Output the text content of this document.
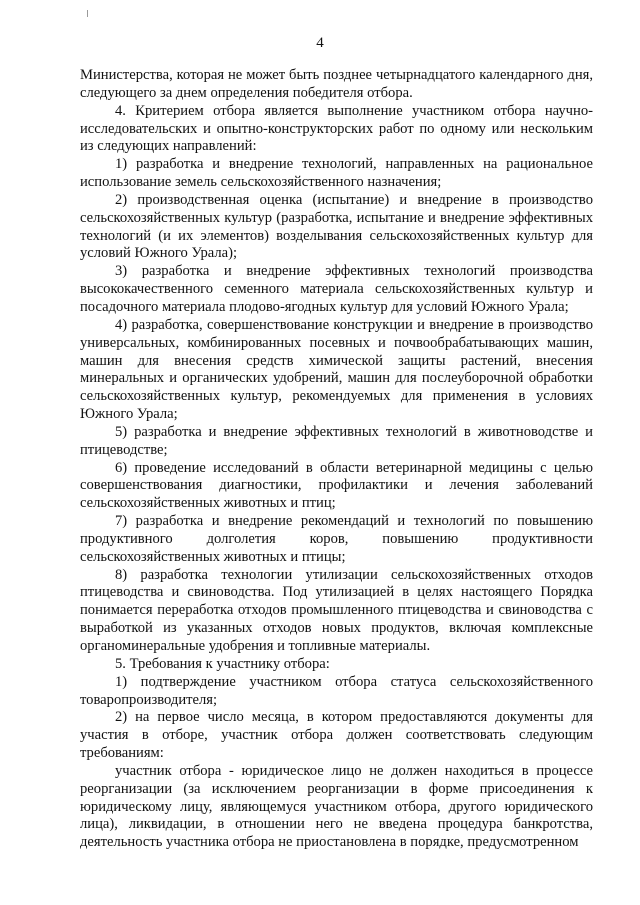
4

Министерства, которая не может быть позднее четырнадцатого календарного дня, следующего за днем определения победителя отбора.

4. Критерием отбора является выполнение участником отбора научно-исследовательских и опытно-конструкторских работ по одному или нескольким из следующих направлений:

1) разработка и внедрение технологий, направленных на рациональное использование земель сельскохозяйственного назначения;

2) производственная оценка (испытание) и внедрение в производство сельскохозяйственных культур (разработка, испытание и внедрение эффективных технологий (и их элементов) возделывания сельскохозяйственных культур для условий Южного Урала);

3) разработка и внедрение эффективных технологий производства высококачественного семенного материала сельскохозяйственных культур и посадочного материала плодово-ягодных культур для условий Южного Урала;

4) разработка, совершенствование конструкции и внедрение в производство универсальных, комбинированных посевных и почвообрабатывающих машин, машин для внесения средств химической защиты растений, внесения минеральных и органических удобрений, машин для послеуборочной обработки сельскохозяйственных культур, рекомендуемых для применения в условиях Южного Урала;

5) разработка и внедрение эффективных технологий в животноводстве и птицеводстве;

6) проведение исследований в области ветеринарной медицины с целью совершенствования диагностики, профилактики и лечения заболеваний сельскохозяйственных животных и птиц;

7) разработка и внедрение рекомендаций и технологий по повышению продуктивного долголетия коров, повышению продуктивности сельскохозяйственных животных и птицы;

8) разработка технологии утилизации сельскохозяйственных отходов птицеводства и свиноводства. Под утилизацией в целях настоящего Порядка понимается переработка отходов промышленного птицеводства и свиноводства с выработкой из указанных отходов новых продуктов, включая комплексные органоминеральные удобрения и топливные материалы.

5. Требования к участнику отбора:

1) подтверждение участником отбора статуса сельскохозяйственного товаропроизводителя;

2) на первое число месяца, в котором предоставляются документы для участия в отборе, участник отбора должен соответствовать следующим требованиям:

участник отбора - юридическое лицо не должен находиться в процессе реорганизации (за исключением реорганизации в форме присоединения к юридическому лицу, являющемуся участником отбора, другого юридического лица), ликвидации, в отношении него не введена процедура банкротства, деятельность участника отбора не приостановлена в порядке, предусмотренном
